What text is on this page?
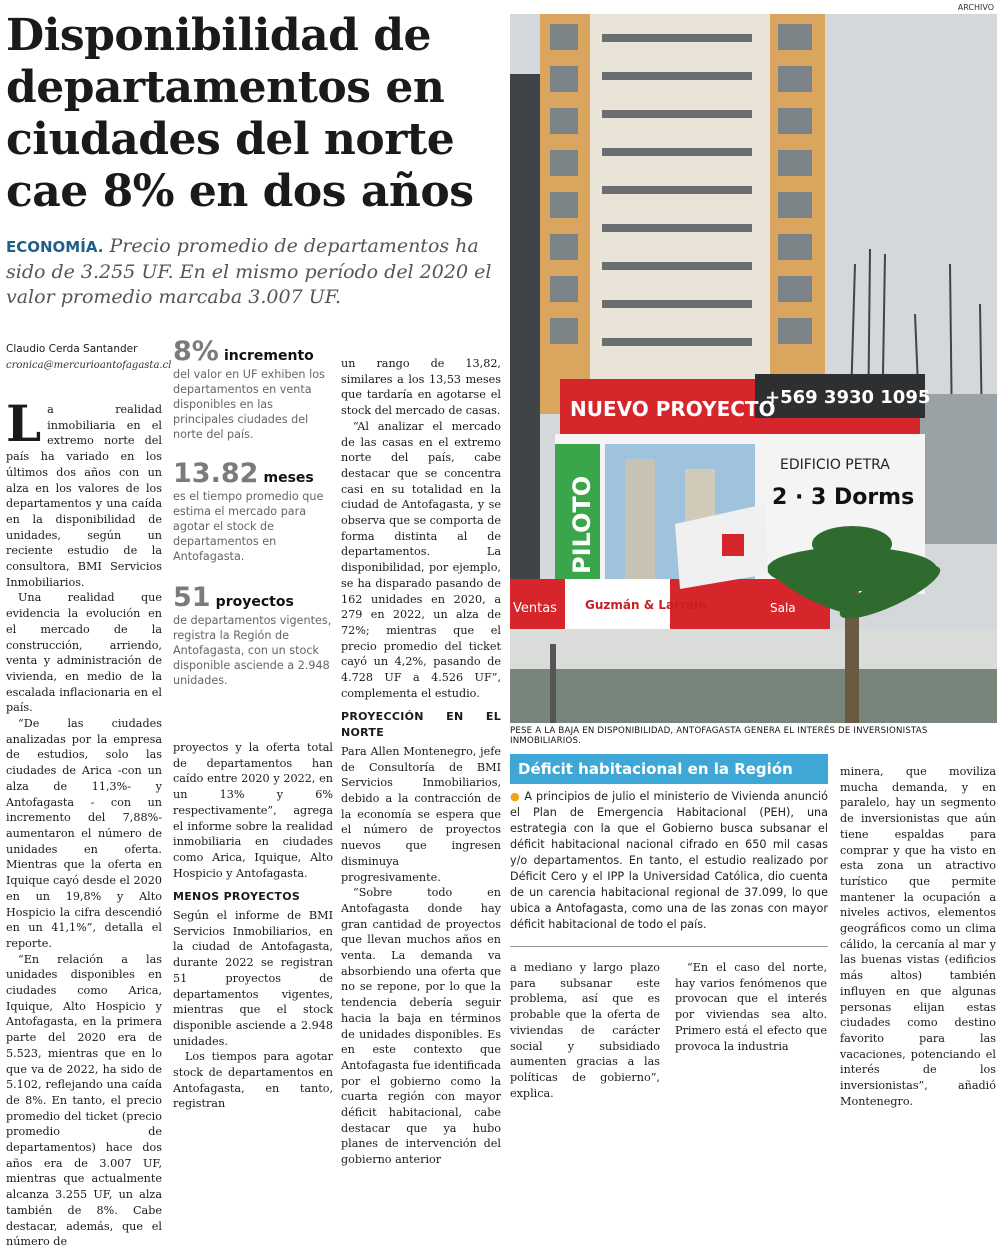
Disponibilidad de departamentos en ciudades del norte cae 8% en dos años

ECONOMÍA. Precio promedio de departamentos ha sido de 3.255 UF. En el mismo período del 2020 el valor promedio marcaba 3.007 UF.

Claudio Cerda Santander
cronica@mercurioantofagasta.cl

La realidad inmobiliaria en el extremo norte del país ha variado en los últimos dos años con un alza en los valores de los departamentos y una caída en la disponibilidad de unidades, según un reciente estudio de la consultora, BMI Servicios Inmobiliarios.

Una realidad que evidencia la evolución en el mercado de la construcción, arriendo, venta y administración de vivienda, en medio de la escalada inflacionaria en el país.

“De las ciudades analizadas por la empresa de estudios, solo las ciudades de Arica -con un alza de 11,3%- y Antofagasta - con un incremento del 7,88%- aumentaron el número de unidades en oferta. Mientras que la oferta en Iquique cayó desde el 2020 en un 19,8% y Alto Hospicio la cifra descendió en un 41,1%”, detalla el reporte.

“En relación a las unidades disponibles en ciudades como Arica, Iquique, Alto Hospicio y Antofagasta, en la primera parte del 2020 era de 5.523, mientras que en lo que va de 2022, ha sido de 5.102, reflejando una caída de 8%. En tanto, el precio promedio del ticket (precio promedio de departamentos) hace dos años era de 3.007 UF, mientras que actualmente alcanza 3.255 UF, un alza también de 8%. Cabe destacar, además, que el número de

8% incremento
del valor en UF exhiben los departamentos en venta disponibles en las principales ciudades del norte del país.
13.82 meses
es el tiempo promedio que estima el mercado para agotar el stock de departamentos en Antofagasta.
51 proyectos
de departamentos vigentes, registra la Región de Antofagasta, con un stock disponible asciende a 2.948 unidades.

proyectos y la oferta total de departamentos han caído entre 2020 y 2022, en un 13% y 6% respectivamente”, agrega el informe sobre la realidad inmobiliaria en ciudades como Arica, Iquique, Alto Hospicio y Antofagasta.

MENOS PROYECTOS

Según el informe de BMI Servicios Inmobiliarios, en la ciudad de Antofagasta, durante 2022 se registran 51 proyectos de departamentos vigentes, mientras que el stock disponible asciende a 2.948 unidades.

Los tiempos para agotar stock de departamentos en Antofagasta, en tanto, registran

un rango de 13,82, similares a los 13,53 meses que tardaría en agotarse el stock del mercado de casas.

“Al analizar el mercado de las casas en el extremo norte del país, cabe destacar que se concentra casi en su totalidad en la ciudad de Antofagasta, y se observa que se comporta de forma distinta al de departamentos. La disponibilidad, por ejemplo, se ha disparado pasando de 162 unidades en 2020, a 279 en 2022, un alza de 72%; mientras que el precio promedio del ticket cayó un 4,2%, pasando de 4.728 UF a 4.526 UF”, complementa el estudio.

PROYECCIÓN EN EL NORTE

Para Allen Montenegro, jefe de Consultoría de BMI Servicios Inmobiliarios, debido a la contracción de la economía se espera que el número de proyectos nuevos que ingresen disminuya progresivamente.

“Sobre todo en Antofagasta donde hay gran cantidad de proyectos que llevan muchos años en venta. La demanda va absorbiendo una oferta que no se repone, por lo que la tendencia debería seguir hacia la baja en términos de unidades disponibles. Es en este contexto que Antofagasta fue identificada por el gobierno como la cuarta región con mayor déficit habitacional, cabe destacar que ya hubo planes de intervención del gobierno anterior

ARCHIVO
NUEVO PROYECTO
+569 3930 1095
PILOTO
EDIFICIO PETRA
2 · 3 Dorms
Guzmán & Larrain
Ventas	Sala
PESE A LA BAJA EN DISPONIBILIDAD, ANTOFAGASTA GENERA EL INTERÉS DE INVERSIONISTAS INMOBILIARIOS.
Déficit habitacional en la Región
● A principios de julio el ministerio de Vivienda anunció el Plan de Emergencia Habitacional (PEH), una estrategia con la que el Gobierno busca subsanar el déficit habitacional nacional cifrado en 650 mil casas y/o departamentos. En tanto, el estudio realizado por Déficit Cero y el IPP la Universidad Católica, dio cuenta de un carencia habitacional regional de 37.099, lo que ubica a Antofagasta, como una de las zonas con mayor déficit habitacional de todo el país.

a mediano y largo plazo para subsanar este problema, así que es probable que la oferta de viviendas de carácter social y subsidiado aumenten gracias a las políticas de gobierno”, explica.

“En el caso del norte, hay varios fenómenos que provocan que el interés por viviendas sea alto. Primero está el efecto que provoca la industria

minera, que moviliza mucha demanda, y en paralelo, hay un segmento de inversionistas que aún tiene espaldas para comprar y que ha visto en esta zona un atractivo turístico que permite mantener la ocupación a niveles activos, elementos geográficos como un clima cálido, la cercanía al mar y las buenas vistas (edificios más altos) también influyen en que algunas personas elijan estas ciudades como destino favorito para las vacaciones, potenciando el interés de los inversionistas”, añadió Montenegro.
